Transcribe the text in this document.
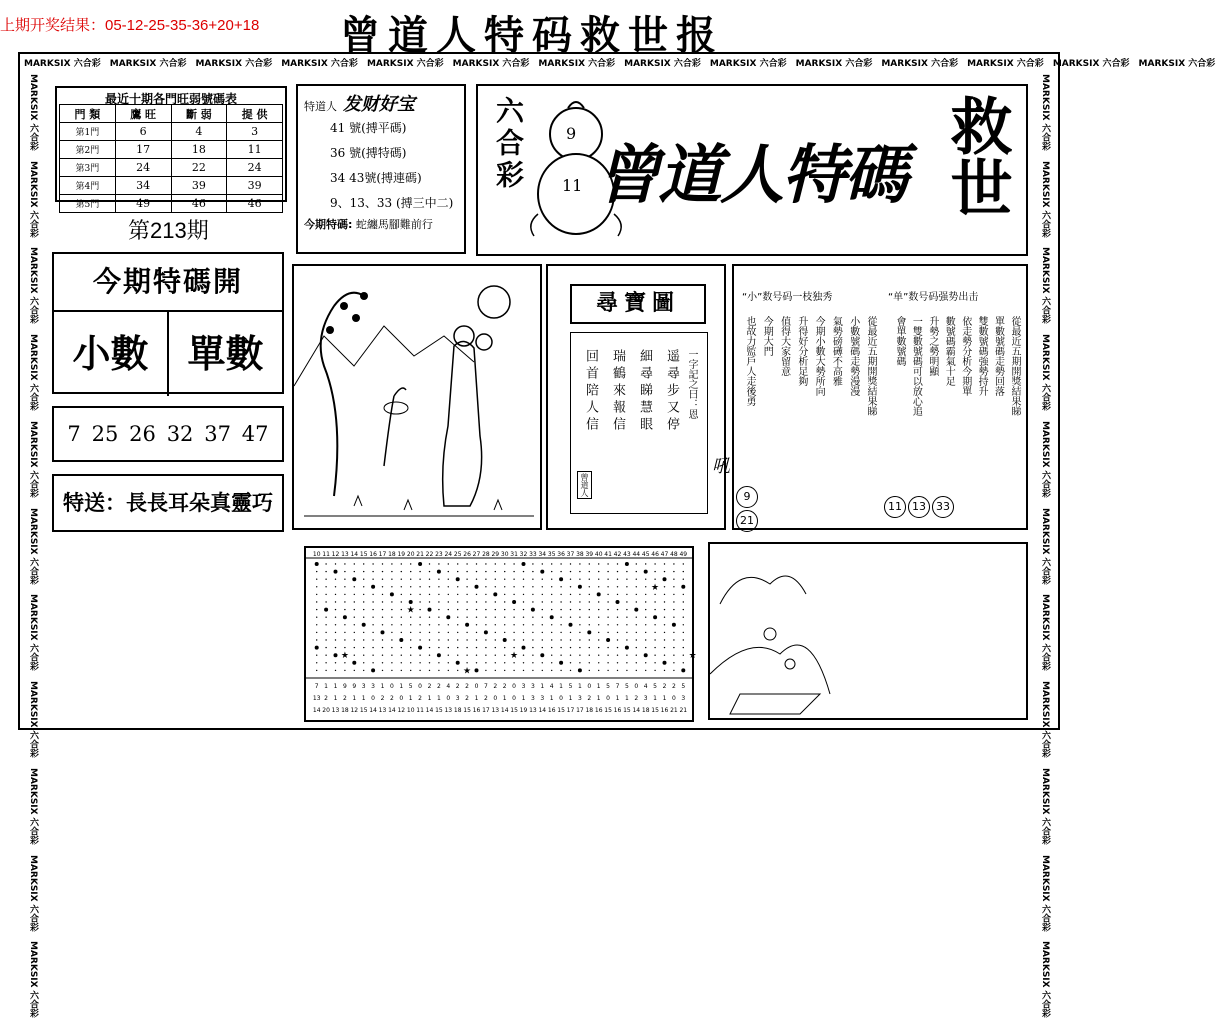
上期开奖结果：05-12-25-35-36+20+18 曾道人特码救世报
MARKSIX 六合彩 MARKSIX 六合彩 MARKSIX 六合彩 MARKSIX 六合彩 MARKSIX 六合彩 MARKSIX 六合彩 MARKSIX 六合彩 MARKSIX 六合彩 MARKSIX 六合彩 MARKSIX 六合彩 MARKSIX 六合彩 MARKSIX 六合彩 MARKSIX 六合彩 MARKSIX 六合彩
MARKSIX 六合彩MARKSIX 六合彩MARKSIX 六合彩MARKSIX 六合彩MARKSIX 六合彩MARKSIX 六合彩MARKSIX 六合彩MARKSIX 六合彩MARKSIX 六合彩MARKSIX 六合彩MARKSIX 六合彩
MARKSIX 六合彩MARKSIX 六合彩MARKSIX 六合彩MARKSIX 六合彩MARKSIX 六合彩MARKSIX 六合彩MARKSIX 六合彩MARKSIX 六合彩MARKSIX 六合彩MARKSIX 六合彩MARKSIX 六合彩
最近十期各門旺弱號碼表
門 類	鷹 旺	斷 弱	提 供
第1門	6	4	3
第2門	17	18	11
第3門	24	22	24
第4門	34	39	39
第5門	49	46	46
特道人 发财好宝
41 號(搏平碼)
36 號(搏特碼)
34 43號(搏連碼)
9、13、33 (搏三中二)
今期特碼: 蛇纏馬腳難前行
第213期
今期特碼開
小數	單數
7 25 26 32 37 47
特送：長長耳朵真靈巧
六合彩	9
11 曾道人特碼 救世
尋寶圖
一字記之曰：恩
遥尋步又停
細尋睇慧眼
瑞鶴來報信
回首陪人信
曾道人
吼
“小”数号码一枝独秀	“单”数号码强势出击
從最近五期開獎結果睇
小數號碼走勢漫漫
氣勢磅礡不高雅
今期小數大勢所向
升得好分析足夠
值得大家留意
今期大門
也故力監戶人走後勇	從最近五期開獎結果睇
單數號碼走勢回落
雙數號碼強勢持升
依走勢分析今期單
數號碼霸氣十足
升勢之勢明顯
一雙數號碼可以放心追
會單數號碼
9
21
11 13 33
10 11 12 13 14 15 16 17 18 19 20 21 22 23 24 25 26 27 28 29 30 31 32 33 34 35 36 37 38 39 40 41 42 43 44 45 46 47 48 49
7 1 1 9 9 3 3 1 0 1 5 0 2 2 4 2 2 0 7 2 2 0 3 3 1 4 1 5 1 0 1 5 7 5 0 4 5 2 2 5
13 2 1 2 1 1 0 2 2 0 1 2 1 1 0 3 2 1 2 0 1 0 1 3 3 1 0 1 3 2 1 0 1 1 2 3 1 1 0 3
14 20 13 18 12 15 14 13 14 12 10 11 14 15 13 18 15 16 17 13 14 15 19 13 14 16 15 17 17 18 16 15 16 15 14 18 15 16 21 21
★
★
★
★
★
★
